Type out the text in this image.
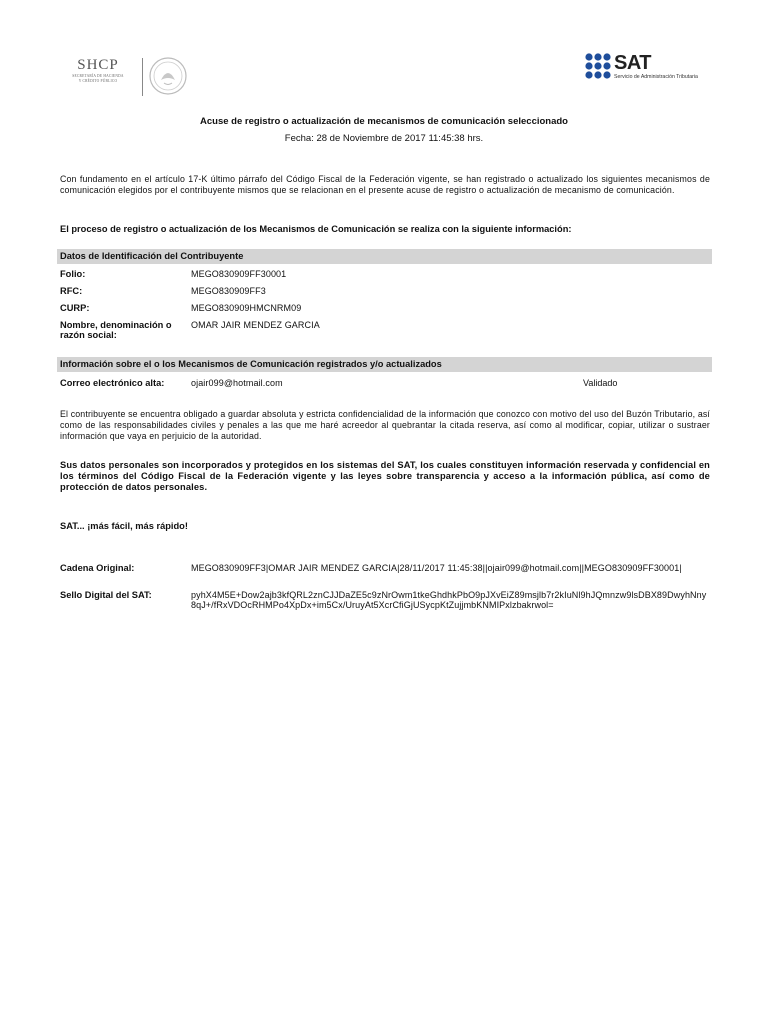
SHCP
SECRETARÍA DE HACIENDA
Y CRÉDITO PÚBLICO
SAT
Servicio de Administración Tributaria
Acuse de registro o actualización de mecanismos de comunicación seleccionado
Fecha: 28 de Noviembre de 2017 11:45:38 hrs.
Con fundamento en el artículo 17-K último párrafo del Código Fiscal de la Federación vigente, se han registrado o actualizado los siguientes mecanismos de comunicación elegidos por el contribuyente mismos que se relacionan en el presente acuse de registro o actualización de mecanismo de comunicación.
El proceso de registro o actualización de los Mecanismos de Comunicación se realiza con la siguiente información:
Datos de Identificación del Contribuyente
Folio:	MEGO830909FF30001
RFC:	MEGO830909FF3
CURP:	MEGO830909HMCNRM09
Nombre, denominación o razón social:
OMAR JAIR MENDEZ GARCIA
Información sobre el o los Mecanismos de Comunicación registrados y/o actualizados
Correo electrónico alta:	ojair099@hotmail.com	Validado
El contribuyente se encuentra obligado a guardar absoluta y estricta confidencialidad de la información que conozco con motivo del uso del Buzón Tributario, así como de las responsabilidades civiles y penales a las que me haré acreedor al quebrantar la citada reserva, así como al modificar, copiar, utilizar o sustraer información que vaya en perjuicio de la autoridad.
Sus datos personales son incorporados y protegidos en los sistemas del SAT, los cuales constituyen información reservada y confidencial en los términos del Código Fiscal de la Federación vigente y las leyes sobre transparencia y acceso a la información pública, así como de protección de datos personales.
SAT... ¡más fácil, más rápido!
Cadena Original:	MEGO830909FF3|OMAR JAIR MENDEZ GARCIA|28/11/2017 11:45:38||ojair099@hotmail.com||MEGO830909FF30001|
Sello Digital del SAT:	pyhX4M5E+Dow2ajb3kfQRL2znCJJDaZE5c9zNrOwm1tkeGhdhkPbO9pJXvEiZ89msjlb7r2kIuNl9hJQmnzw9lsDBX89DwyhNny8qJ+/fRxVDOcRHMPo4XpDx+im5Cx/UruyAt5XcrCfiGjUSycpKtZujjmbKNMIPxlzbakrwol=
